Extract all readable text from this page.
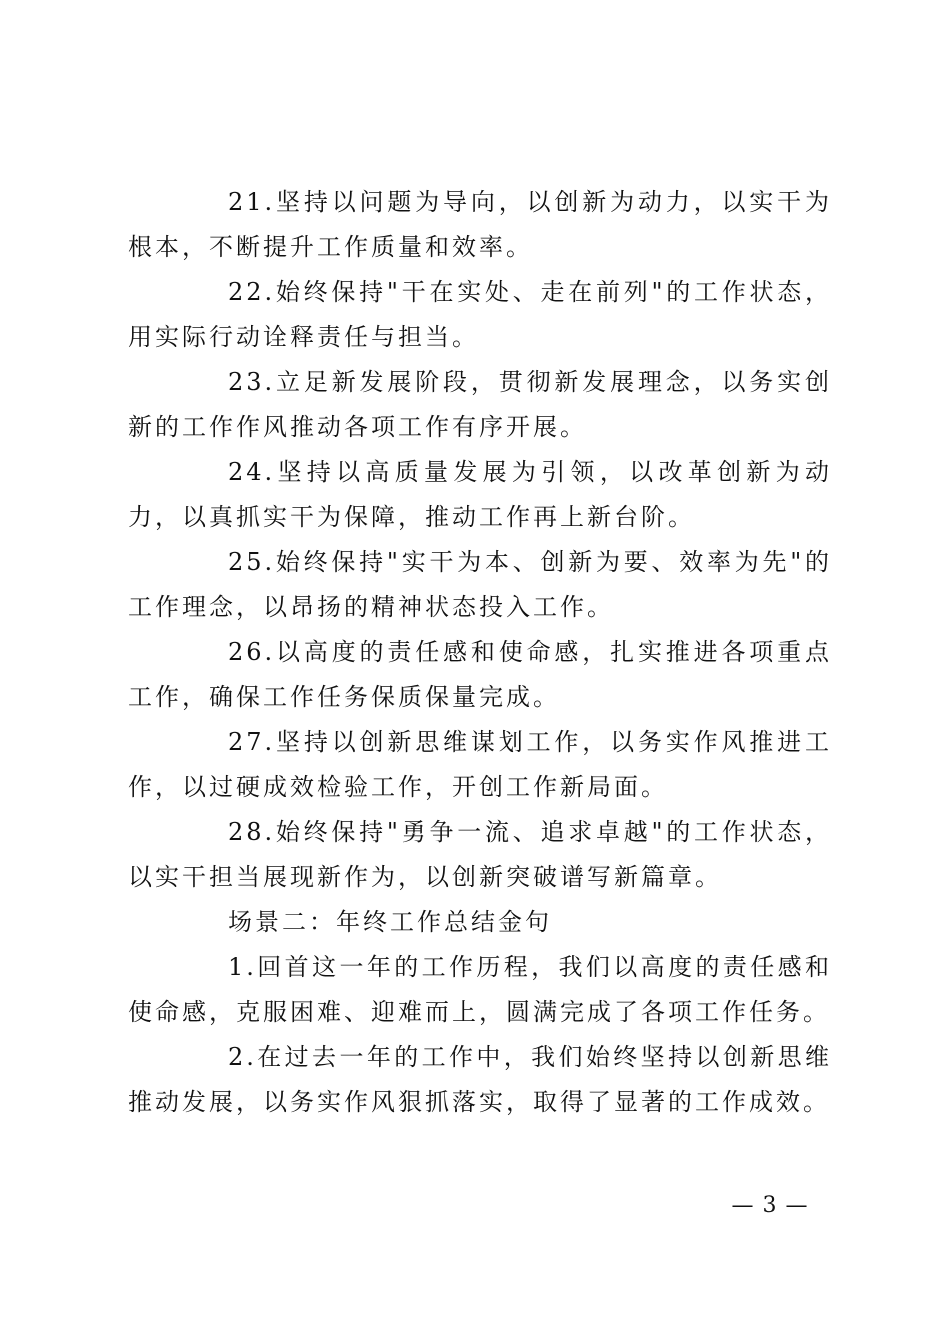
21.坚持以问题为导向，以创新为动力，以实干为根本，不断提升工作质量和效率。

22.始终保持"干在实处、走在前列"的工作状态，用实际行动诠释责任与担当。

23.立足新发展阶段，贯彻新发展理念，以务实创新的工作作风推动各项工作有序开展。

24.坚持以高质量发展为引领，以改革创新为动力，以真抓实干为保障，推动工作再上新台阶。

25.始终保持"实干为本、创新为要、效率为先"的工作理念，以昂扬的精神状态投入工作。

26.以高度的责任感和使命感，扎实推进各项重点工作，确保工作任务保质保量完成。

27.坚持以创新思维谋划工作，以务实作风推进工作，以过硬成效检验工作，开创工作新局面。

28.始终保持"勇争一流、追求卓越"的工作状态，以实干担当展现新作为，以创新突破谱写新篇章。

场景二：年终工作总结金句

1.回首这一年的工作历程，我们以高度的责任感和使命感，克服困难、迎难而上，圆满完成了各项工作任务。

2.在过去一年的工作中，我们始终坚持以创新思维推动发展，以务实作风狠抓落实，取得了显著的工作成效。

— 3 —
